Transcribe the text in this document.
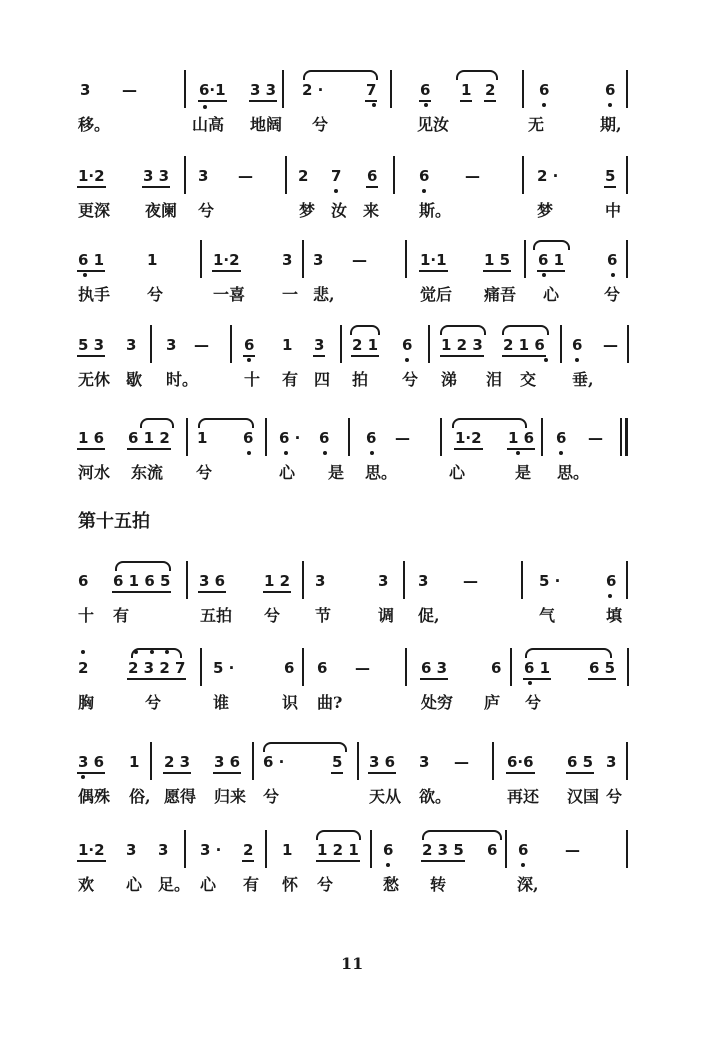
3 —	6·1 3 3 2 ·	7	6 1 2	6	6
移。	山高 地阔 兮	见汝	无	期,
1·2	3 3 3 —	2 7 6	6 —	2 ·	5
更深 夜阑 兮	梦 汝 来 斯。	梦	中
6 1	1	1·2	3 3 —	1·1 1 5 6 1	6
执手 兮	一喜 一 悲,	觉后 痛吾 心	兮
5 3 3 3 — 6 1 3 2 1 6 1 2 3 2 1 6 6 —
无休 歇 时。	十 有 四 拍 兮 涕 泪 交 垂,
1 6 6 1 2 1 6 6 · 6 6 —	1·2 1 6 6 —
河水 东流 兮	心 是 思。	心	是 思。
6 6 1 6 5 3 6	1 2 3	3 3 —	5 ·	6
十 有	五拍 兮 节	调 促,	气	填
2	2 3 2 7 5 ·	6 6 —	6 3	6 6 1	6 5
胸	兮	谁	识 曲?	处穷 庐 兮
3 6 1 2 3 3 6 6 ·	5 3 6 3 —	6·6 6 5 3
偶殊 俗, 愿得 归来 兮	天从 欲。	再还 汉国 兮
1·2 3 3 3 · 2 1 1 2 1 6 2 3 5 6 6 —
欢 心 足。 心 有 怀 兮	愁 转	深,
第十五拍
11
